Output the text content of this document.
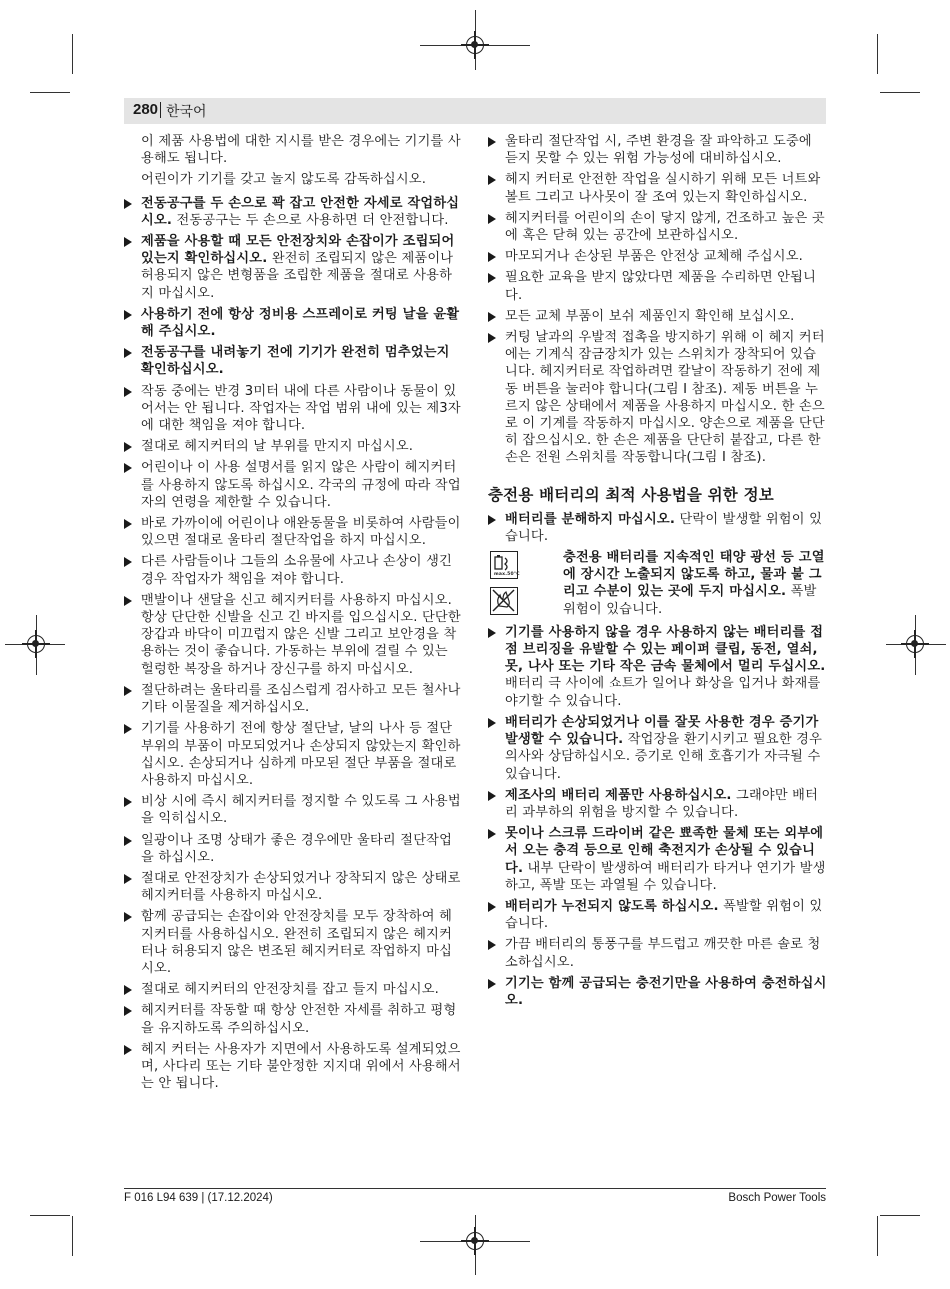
280 한국어

이 제품 사용법에 대한 지시를 받은 경우에는 기기를 사용해도 됩니다.

어린이가 기기를 갖고 놀지 않도록 감독하십시오.

전동공구를 두 손으로 꽉 잡고 안전한 자세로 작업하십시오. 전동공구는 두 손으로 사용하면 더 안전합니다.
제품을 사용할 때 모든 안전장치와 손잡이가 조립되어 있는지 확인하십시오. 완전히 조립되지 않은 제품이나 허용되지 않은 변형품을 조립한 제품을 절대로 사용하지 마십시오.
사용하기 전에 항상 정비용 스프레이로 커팅 날을 윤활해 주십시오.
전동공구를 내려놓기 전에 기기가 완전히 멈추었는지 확인하십시오.
작동 중에는 반경 3미터 내에 다른 사람이나 동물이 있어서는 안 됩니다. 작업자는 작업 범위 내에 있는 제3자에 대한 책임을 져야 합니다.
절대로 헤지커터의 날 부위를 만지지 마십시오.
어린이나 이 사용 설명서를 읽지 않은 사람이 헤지커터를 사용하지 않도록 하십시오. 각국의 규정에 따라 작업자의 연령을 제한할 수 있습니다.
바로 가까이에 어린이나 애완동물을 비롯하여 사람들이 있으면 절대로 울타리 절단작업을 하지 마십시오.
다른 사람들이나 그들의 소유물에 사고나 손상이 생긴 경우 작업자가 책임을 져야 합니다.
맨발이나 샌달을 신고 헤지커터를 사용하지 마십시오. 항상 단단한 신발을 신고 긴 바지를 입으십시오. 단단한 장갑과 바닥이 미끄럽지 않은 신발 그리고 보안경을 착용하는 것이 좋습니다. 가동하는 부위에 걸릴 수 있는 헐렁한 복장을 하거나 장신구를 하지 마십시오.
절단하려는 울타리를 조심스럽게 검사하고 모든 철사나 기타 이물질을 제거하십시오.
기기를 사용하기 전에 항상 절단날, 날의 나사 등 절단 부위의 부품이 마모되었거나 손상되지 않았는지 확인하십시오. 손상되거나 심하게 마모된 절단 부품을 절대로 사용하지 마십시오.
비상 시에 즉시 헤지커터를 정지할 수 있도록 그 사용법을 익히십시오.
일광이나 조명 상태가 좋은 경우에만 울타리 절단작업을 하십시오.
절대로 안전장치가 손상되었거나 장착되지 않은 상태로 헤지커터를 사용하지 마십시오.
함께 공급되는 손잡이와 안전장치를 모두 장착하여 헤지커터를 사용하십시오. 완전히 조립되지 않은 헤지커터나 허용되지 않은 변조된 헤지커터로 작업하지 마십시오.
절대로 헤지커터의 안전장치를 잡고 들지 마십시오.
헤지커터를 작동할 때 항상 안전한 자세를 취하고 평형을 유지하도록 주의하십시오.
헤지 커터는 사용자가 지면에서 사용하도록 설계되었으며, 사다리 또는 기타 불안정한 지지대 위에서 사용해서는 안 됩니다.
울타리 절단작업 시, 주변 환경을 잘 파악하고 도중에 듣지 못할 수 있는 위험 가능성에 대비하십시오.
헤지 커터로 안전한 작업을 실시하기 위해 모든 너트와 볼트 그리고 나사못이 잘 조여 있는지 확인하십시오.
헤지커터를 어린이의 손이 닿지 않게, 건조하고 높은 곳에 혹은 닫혀 있는 공간에 보관하십시오.
마모되거나 손상된 부품은 안전상 교체해 주십시오.
필요한 교육을 받지 않았다면 제품을 수리하면 안됩니다.
모든 교체 부품이 보쉬 제품인지 확인해 보십시오.
커팅 날과의 우발적 접촉을 방지하기 위해 이 헤지 커터에는 기계식 잠금장치가 있는 스위치가 장착되어 있습니다. 헤지커터로 작업하려면 칼날이 작동하기 전에 제동 버튼을 눌러야 합니다(그림 I 참조). 제동 버튼을 누르지 않은 상태에서 제품을 사용하지 마십시오. 한 손으로 이 기계를 작동하지 마십시오. 양손으로 제품을 단단히 잡으십시오. 한 손은 제품을 단단히 붙잡고, 다른 한 손은 전원 스위치를 작동합니다(그림 I 참조).
충전용 배터리의 최적 사용법을 위한 정보
배터리를 분해하지 마십시오. 단락이 발생할 위험이 있습니다.
max.50°C
충전용 배터리를 지속적인 태양 광선 등 고열에 장시간 노출되지 않도록 하고, 물과 불 그리고 수분이 있는 곳에 두지 마십시오. 폭발 위험이 있습니다.
기기를 사용하지 않을 경우 사용하지 않는 배터리를 접점 브리징을 유발할 수 있는 페이퍼 클립, 동전, 열쇠, 못, 나사 또는 기타 작은 금속 물체에서 멀리 두십시오. 배터리 극 사이에 쇼트가 일어나 화상을 입거나 화재를 야기할 수 있습니다.
배터리가 손상되었거나 이를 잘못 사용한 경우 증기가 발생할 수 있습니다. 작업장을 환기시키고 필요한 경우 의사와 상담하십시오. 증기로 인해 호흡기가 자극될 수 있습니다.
제조사의 배터리 제품만 사용하십시오. 그래야만 배터리 과부하의 위험을 방지할 수 있습니다.
못이나 스크류 드라이버 같은 뾰족한 물체 또는 외부에서 오는 충격 등으로 인해 축전지가 손상될 수 있습니다. 내부 단락이 발생하여 배터리가 타거나 연기가 발생하고, 폭발 또는 과열될 수 있습니다.
배터리가 누전되지 않도록 하십시오. 폭발할 위험이 있습니다.
가끔 배터리의 통풍구를 부드럽고 깨끗한 마른 솔로 청소하십시오.
기기는 함께 공급되는 충전기만을 사용하여 충전하십시오.
F 016 L94 639 | (17.12.2024)	Bosch Power Tools
